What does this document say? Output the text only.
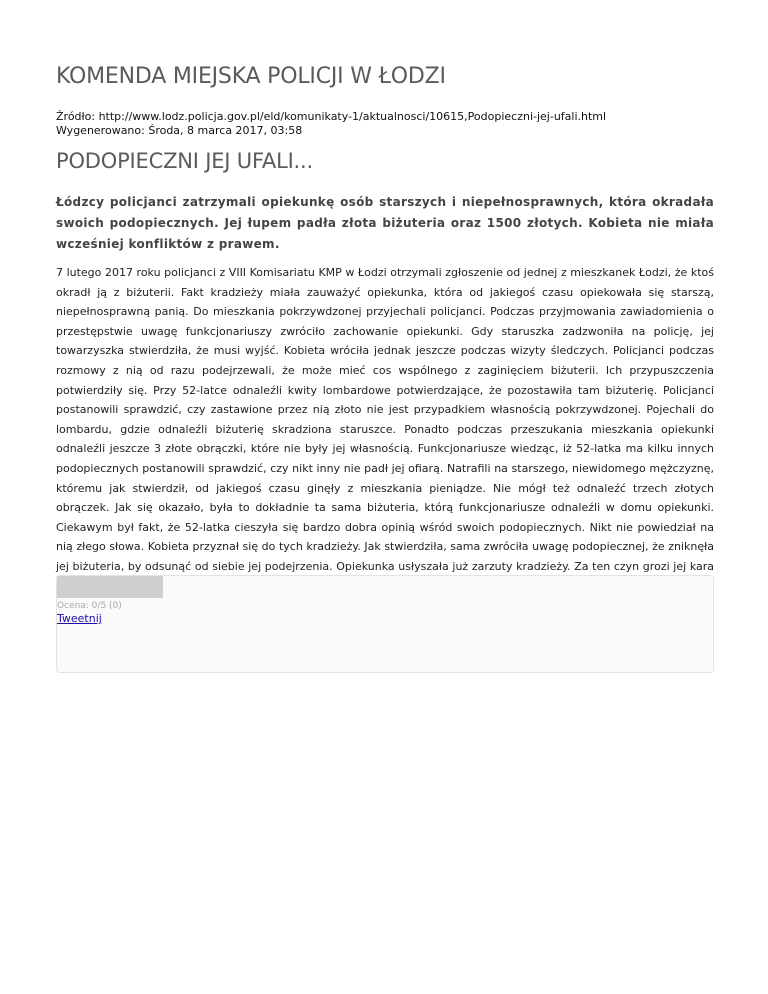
KOMENDA MIEJSKA POLICJI W ŁODZI
Źródło: http://www.lodz.policja.gov.pl/eld/komunikaty-1/aktualnosci/10615,Podopieczni-jej-ufali.html
Wygenerowano: Środa, 8 marca 2017, 03:58
PODOPIECZNI JEJ UFALI...

Łódzcy policjanci zatrzymali opiekunkę osób starszych i niepełnosprawnych, która okradała swoich podopiecznych. Jej łupem padła złota biżuteria oraz 1500 złotych. Kobieta nie miała wcześniej konfliktów z prawem.

7 lutego 2017 roku policjanci z VIII Komisariatu KMP w Łodzi otrzymali zgłoszenie od jednej z mieszkanek Łodzi, że ktoś okradł ją z biżuterii. Fakt kradzieży miała zauważyć opiekunka, która od jakiegoś czasu opiekowała się starszą, niepełnosprawną panią. Do mieszkania pokrzywdzonej przyjechali policjanci. Podczas przyjmowania zawiadomienia o przestępstwie uwagę funkcjonariuszy zwróciło zachowanie opiekunki. Gdy staruszka zadzwoniła na policję, jej towarzyszka stwierdziła, że musi wyjść. Kobieta wróciła jednak jeszcze podczas wizyty śledczych. Policjanci podczas rozmowy z nią od razu podejrzewali, że może mieć cos wspólnego z zaginięciem biżuterii. Ich przypuszczenia potwierdziły się. Przy 52-latce odnaleźli kwity lombardowe potwierdzające, że pozostawiła tam biżuterię. Policjanci postanowili sprawdzić, czy zastawione przez nią złoto nie jest przypadkiem własnością pokrzywdzonej. Pojechali do lombardu, gdzie odnaleźli biżuterię skradziona staruszce. Ponadto podczas przeszukania mieszkania opiekunki odnaleźli jeszcze 3 złote obrączki, które nie były jej własnością. Funkcjonariusze wiedząc, iż 52-latka ma kilku innych podopiecznych postanowili sprawdzić, czy nikt inny nie padł jej ofiarą. Natrafili na starszego, niewidomego mężczyznę, któremu jak stwierdził, od jakiegoś czasu ginęły z mieszkania pieniądze. Nie mógł też odnaleźć trzech złotych obrączek. Jak się okazało, była to dokładnie ta sama biżuteria, którą funkcjonariusze odnaleźli w domu opiekunki. Ciekawym był fakt, że 52-latka cieszyła się bardzo dobra opinią wśród swoich podopiecznych. Nikt nie powiedział na nią złego słowa. Kobieta przyznał się do tych kradzieży. Jak stwierdziła, sama zwróciła uwagę podopiecznej, że zniknęła jej biżuteria, by odsunąć od siebie jej podejrzenia. Opiekunka usłyszała już zarzuty kradzieży. Za ten czyn grozi jej kara

Ocena: 0/5 (0)
Tweetnij
